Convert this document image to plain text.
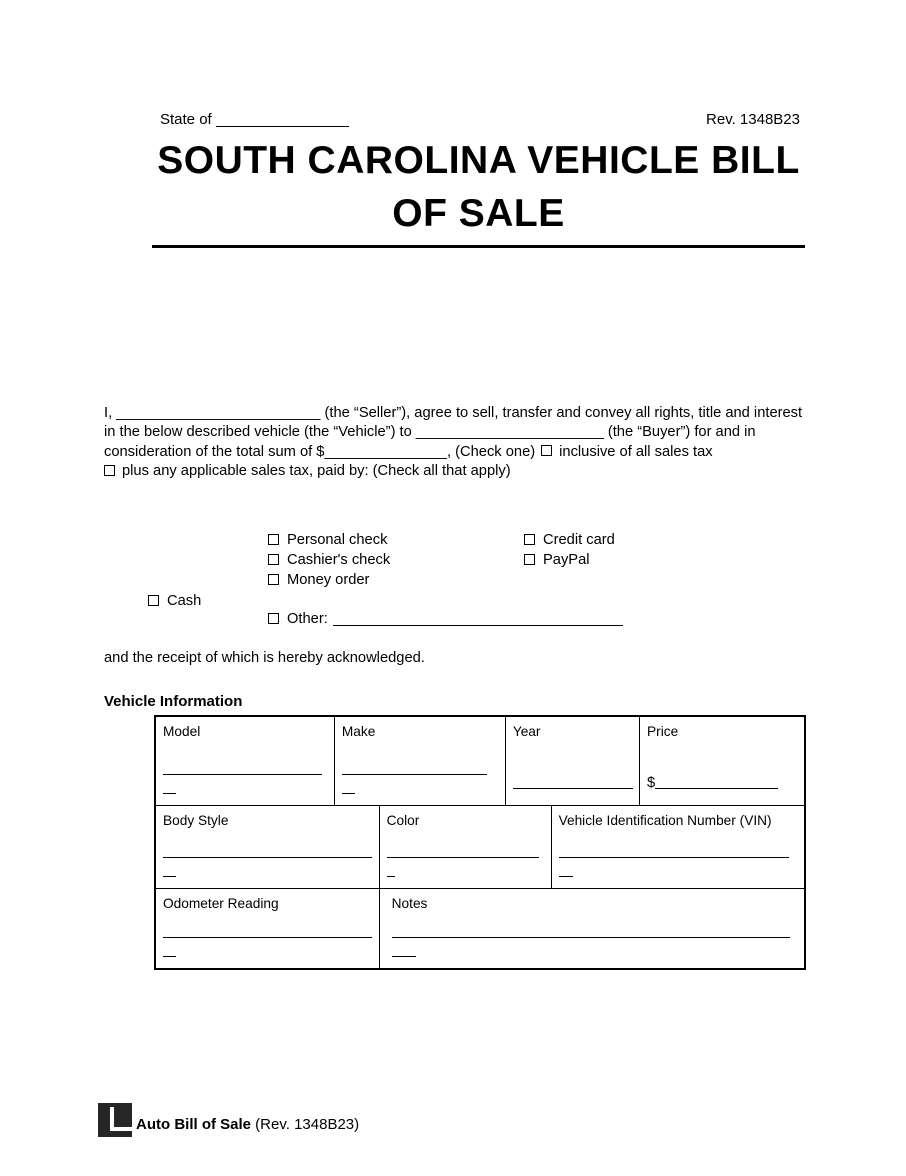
State of	Rev. 1348B23
SOUTH CAROLINA VEHICLE BILL
OF SALE
I, _________________________ (the “Seller”), agree to sell, transfer and convey all rights, title and interest in the below described vehicle (the “Vehicle”) to _______________________ (the “Buyer”) for and in consideration of the total sum of $_______________, (Check one) inclusive of all sales tax
plus any applicable sales tax, paid by: (Check all that apply)
Personal check
Cashier's check
Money order
Cash
Other:
Credit card
PayPal
and the receipt of which is hereby acknowledged.
Vehicle Information
Model	Make	Year	Price
$
Body Style	Color	Vehicle Identification Number (VIN)
Odometer Reading	Notes
Auto Bill of Sale (Rev. 1348B23)
